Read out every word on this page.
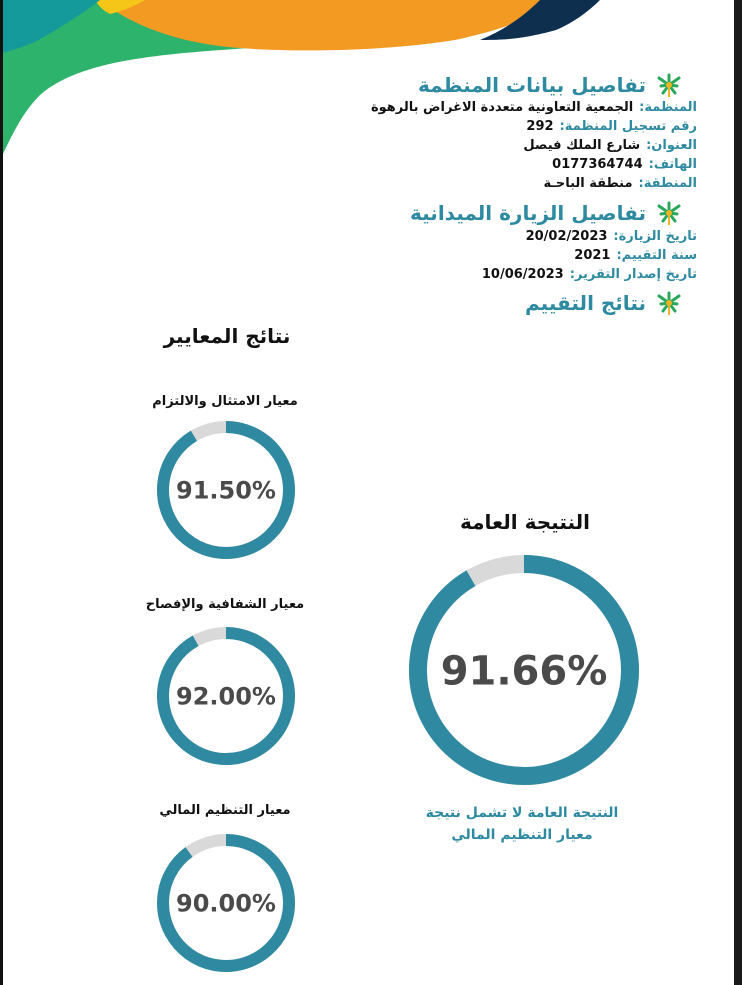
تفاصيل بيانات المنظمة
المنظمة:
الجمعية التعاونية متعددة الاغراض بالرهوة
رقم تسجيل المنظمة:
292
العنوان:
شارع الملك فيصل
الهاتف:
0177364744
المنطقة:
منطقة الباحـة
تفاصيل الزيارة الميدانية
تاريخ الزيارة:
20/02/2023
سنة التقييم:
2021
تاريخ إصدار التقرير:
10/06/2023
نتائج التقييم
نتائج المعايير
معيار الامتثال والالتزام
91.50%
معيار الشفافية والإفصاح
92.00%
معيار التنظيم المالي
90.00%
النتيجة العامة
91.66%
النتيجة العامة لا تشمل نتيجة
معيار التنظيم المالي
